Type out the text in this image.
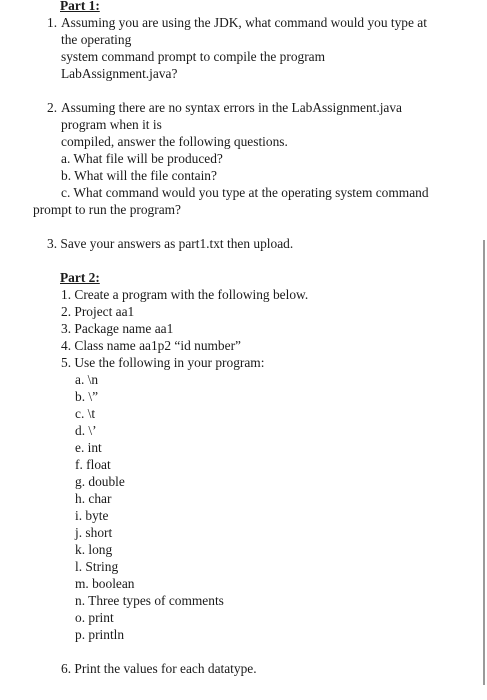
Part 1:
1. Assuming you are using the JDK, what command would you type at
the operating
system command prompt to compile the program
LabAssignment.java?
2. Assuming there are no syntax errors in the LabAssignment.java
program when it is
compiled, answer the following questions.
a. What file will be produced?
b. What will the file contain?
c. What command would you type at the operating system command
prompt to run the program?
3. Save your answers as part1.txt then upload.
Part 2:
1. Create a program with the following below.
2. Project aa1
3. Package name aa1
4. Class name aa1p2 “id number”
5. Use the following in your program:
a. \n
b. \”
c. \t
d. \’
e. int
f. float
g. double
h. char
i. byte
j. short
k. long
l. String
m. boolean
n. Three types of comments
o. print
p. println
6. Print the values for each datatype.
